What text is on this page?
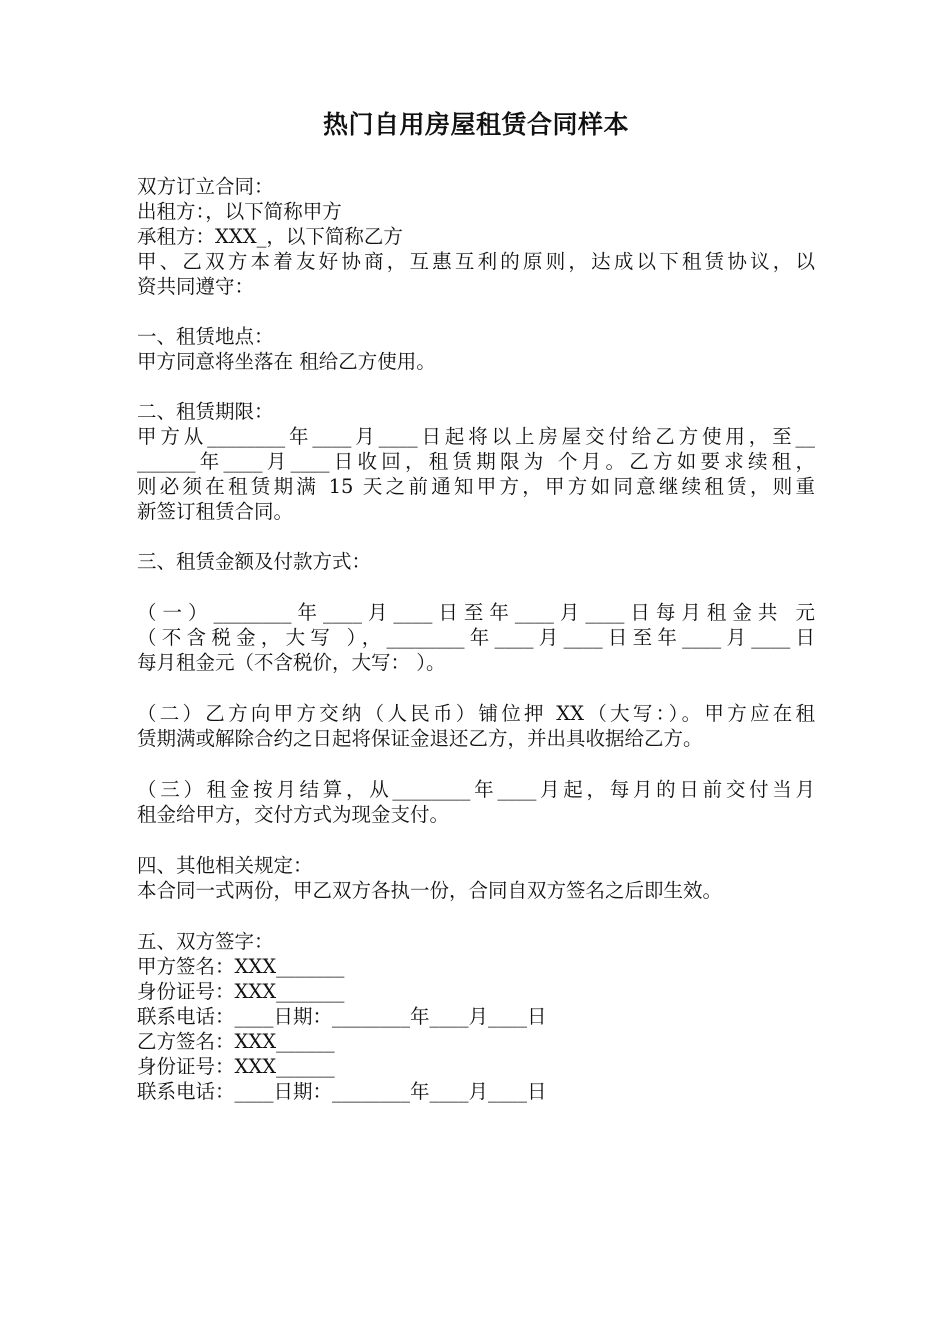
热门自用房屋租赁合同样本
双方订立合同：
出租方：，以下简称甲方
承租方：XXX_，以下简称乙方
甲、乙双方本着友好协商，互惠互利的原则，达成以下租赁协议，以
资共同遵守：
一、租赁地点：
甲方同意将坐落在 租给乙方使用。
二、租赁期限：
甲方从________年____月____日起将以上房屋交付给乙方使用，至__
______年____月____日收回，租赁期限为 个月。乙方如要求续租，
则必须在租赁期满 15 天之前通知甲方，甲方如同意继续租赁，则重
新签订租赁合同。
三、租赁金额及付款方式：
（一）________年____月____日至年____月____日每月租金共 元
（不含税金，大写 ），________年____月____日至年____月____日
每月租金元（不含税价，大写： ）。
（二）乙方向甲方交纳（人民币）铺位押 XX（大写：）。甲方应在租
赁期满或解除合约之日起将保证金退还乙方，并出具收据给乙方。
（三）租金按月结算，从________年____月起，每月的日前交付当月
租金给甲方，交付方式为现金支付。
四、其他相关规定：
本合同一式两份，甲乙双方各执一份，合同自双方签名之后即生效。
五、双方签字：
甲方签名：XXX_______
身份证号：XXX_______
联系电话：____日期：________年____月____日
乙方签名：XXX______
身份证号：XXX______
联系电话：____日期：________年____月____日
